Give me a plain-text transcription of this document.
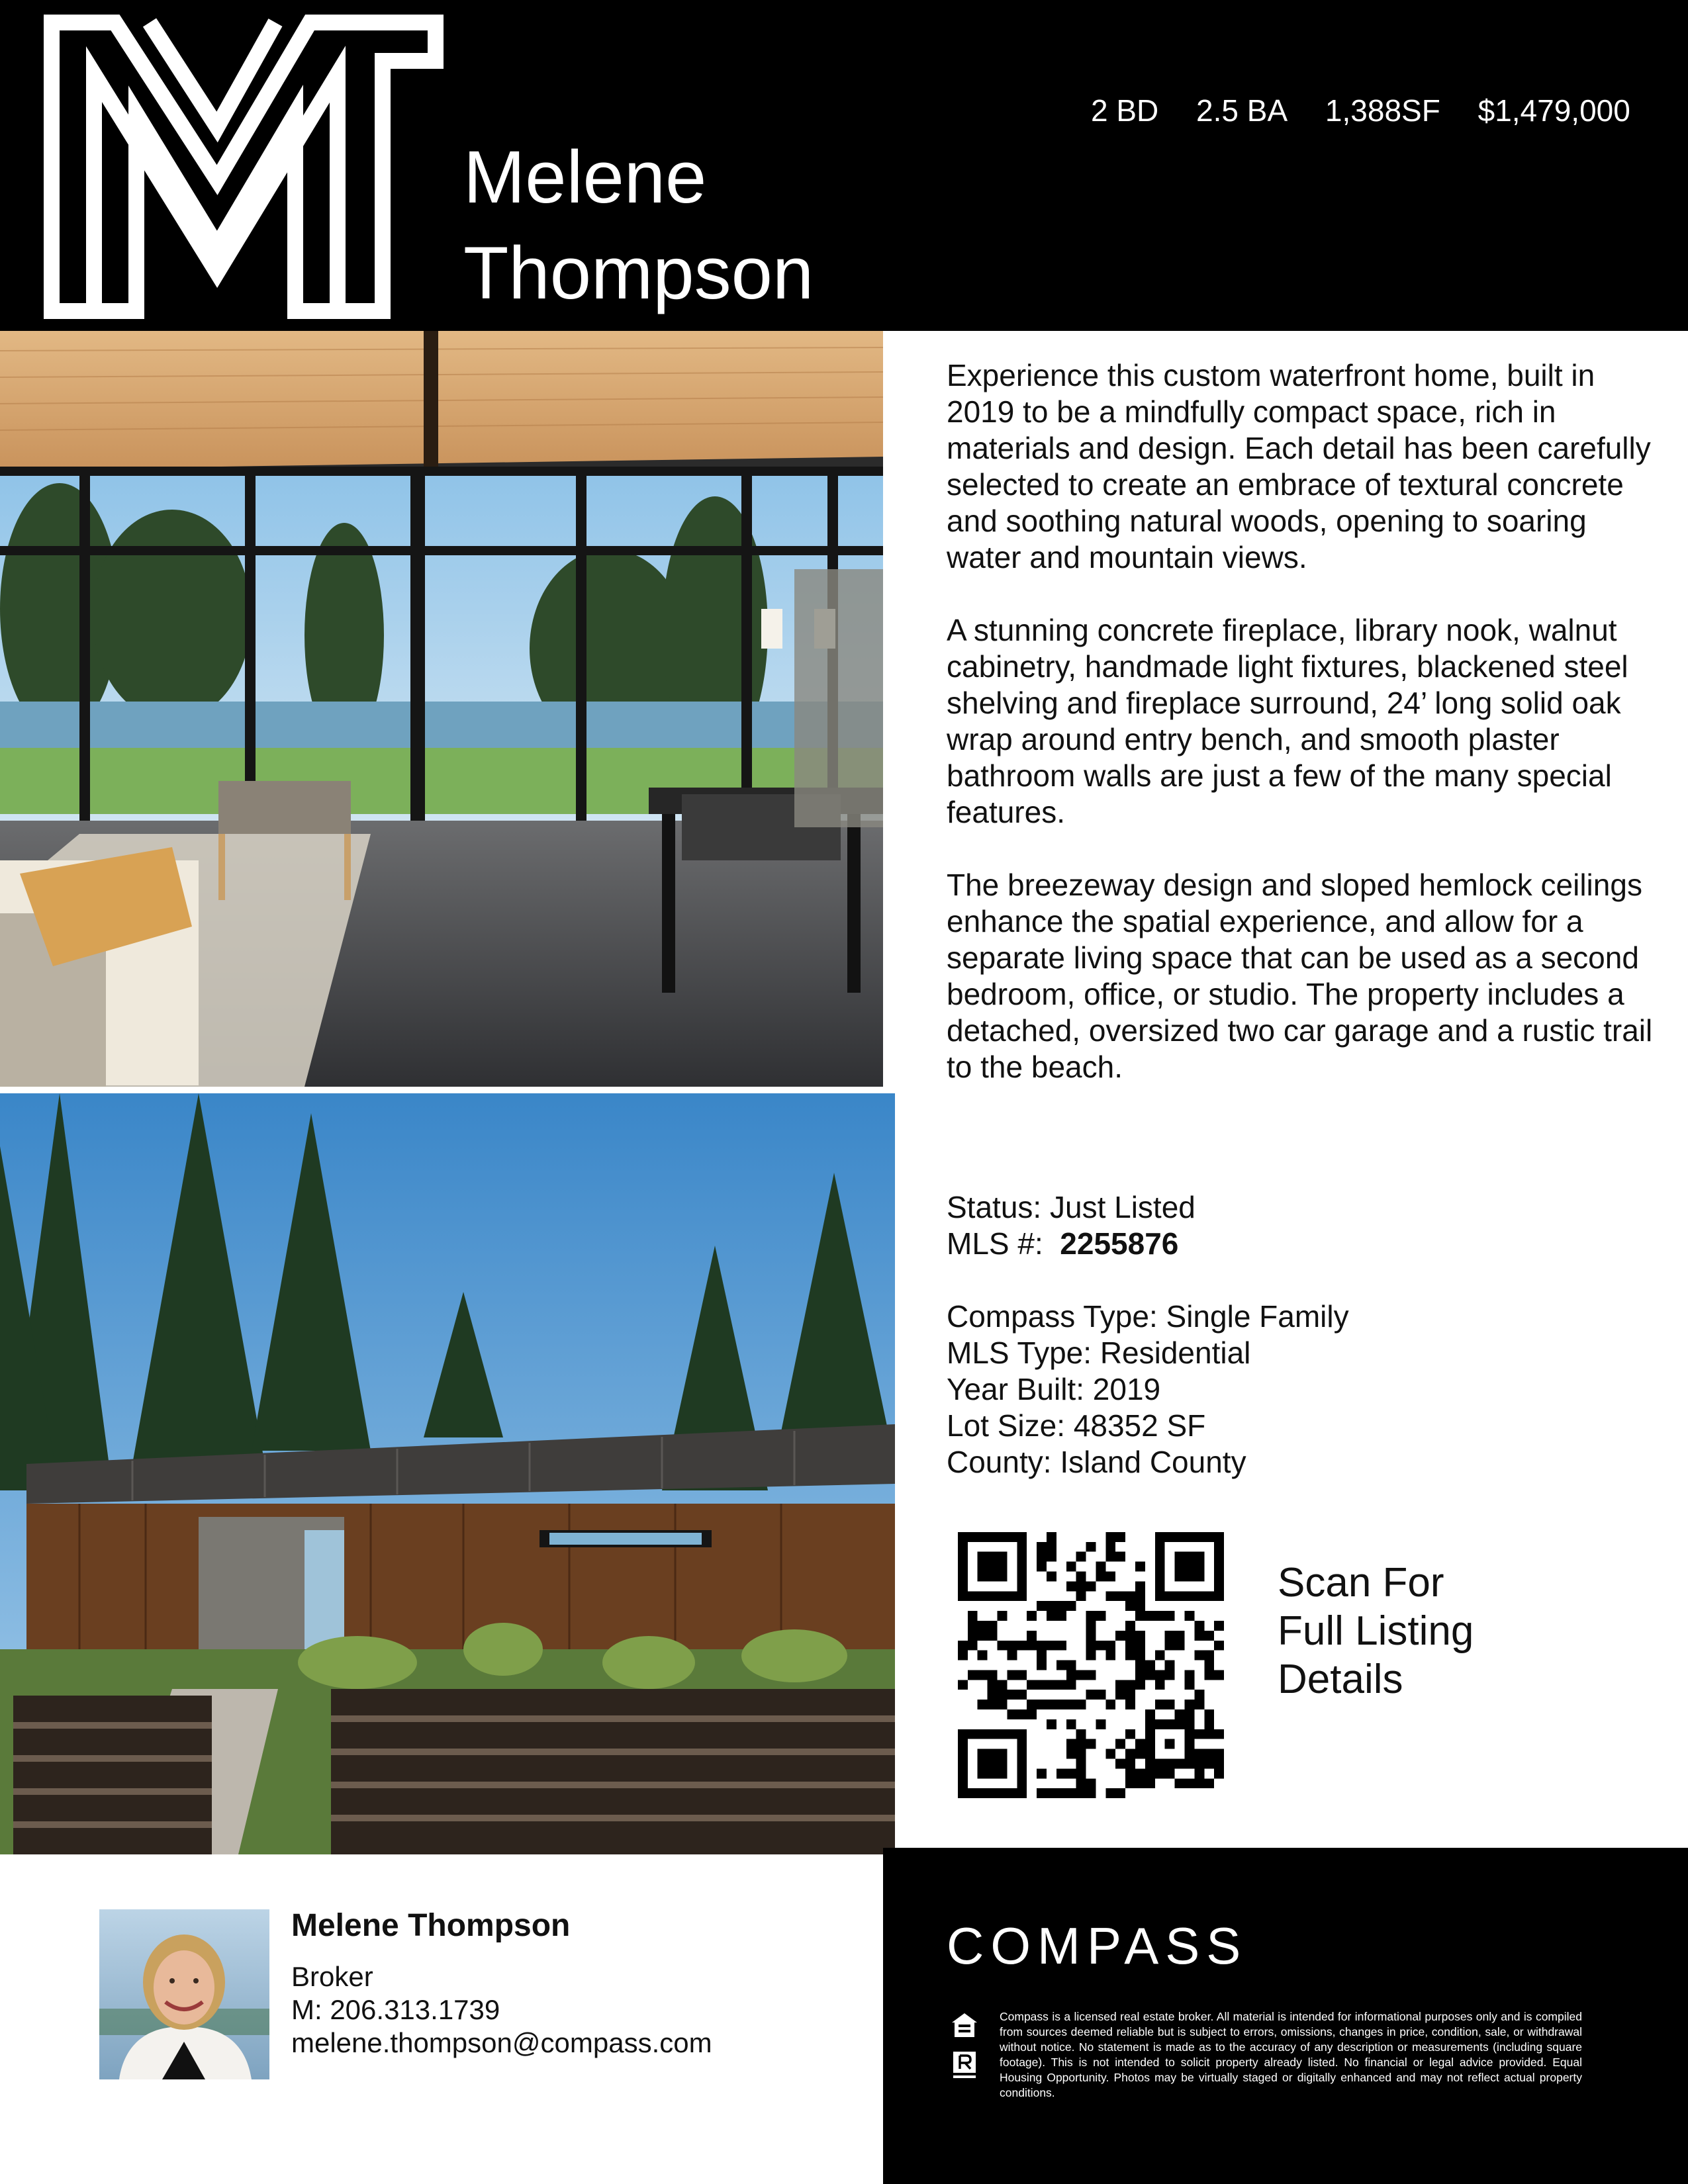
Melene
Thompson
2 BD 2.5 BA 1,388SF $1,479,000

Experience this custom waterfront home, built in 2019 to be a mindfully compact space, rich in materials and design. Each detail has been carefully selected to create an embrace of textural concrete and soothing natural woods, opening to soaring water and mountain views.

A stunning concrete fireplace, library nook, walnut cabinetry, handmade light fixtures, blackened steel shelving and fireplace surround, 24’ long solid oak wrap around entry bench, and smooth plaster bathroom walls are just a few of the many special features.

The breezeway design and sloped hemlock ceilings enhance the spatial experience, and allow for a separate living space that can be used as a second bedroom, office, or studio. The property includes a detached, oversized two car garage and a rustic trail to the beach.

Status: Just Listed
MLS #: 2255876
Compass Type: Single Family
MLS Type: Residential
Year Built: 2019
Lot Size: 48352 SF
County: Island County
Scan For
Full Listing
Details
Melene Thompson
Broker
M: 206.313.1739
melene.thompson@compass.com
COMPASS
Compass is a licensed real estate broker. All material is intended for informational purposes only and is compiled from sources deemed reliable but is subject to errors, omissions, changes in price, condition, sale, or withdrawal without notice. No statement is made as to the accuracy of any description or measurements (including square footage). This is not intended to solicit property already listed. No financial or legal advice provided. Equal Housing Opportunity. Photos may be virtually staged or digitally enhanced and may not reflect actual property conditions.
